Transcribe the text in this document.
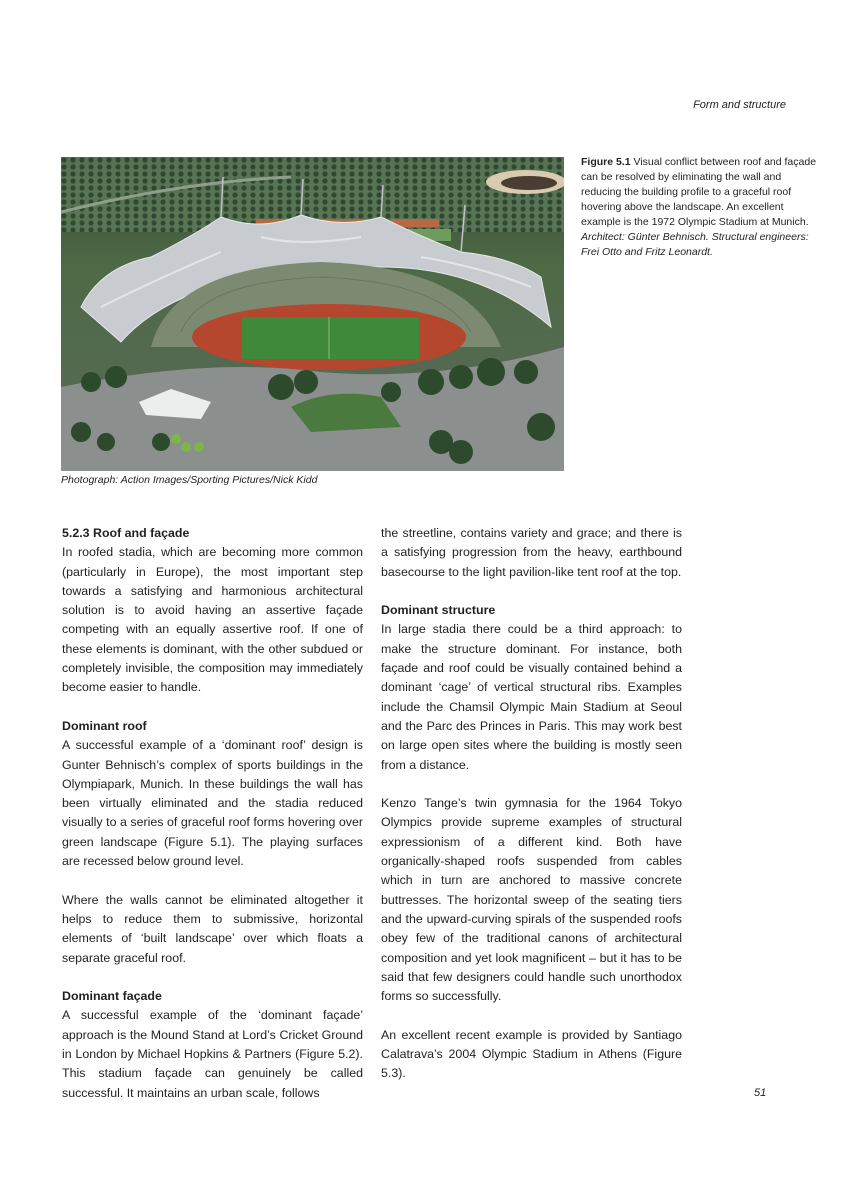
Form and structure
Photograph: Action Images/Sporting Pictures/Nick Kidd
Figure 5.1 Visual conflict between roof and façade can be resolved by eliminating the wall and reducing the building profile to a graceful roof hovering above the landscape. An excellent example is the 1972 Olympic Stadium at Munich. Architect: Günter Behnisch. Structural engineers: Frei Otto and Fritz Leonardt.
5.2.3 Roof and façade

In roofed stadia, which are becoming more common (particularly in Europe), the most important step towards a satisfying and harmonious architectural solution is to avoid having an assertive façade competing with an equally assertive roof. If one of these elements is dominant, with the other subdued or completely invisible, the composition may immediately become easier to handle.

Dominant roof

A successful example of a ‘dominant roof’ design is Gunter Behnisch’s complex of sports buildings in the Olympiapark, Munich. In these buildings the wall has been virtually eliminated and the stadia reduced visually to a series of graceful roof forms hovering over green landscape (Figure 5.1). The playing surfaces are recessed below ground level.

Where the walls cannot be eliminated altogether it helps to reduce them to submissive, horizontal elements of ‘built landscape’ over which floats a separate graceful roof.

Dominant façade

A successful example of the ‘dominant façade’ approach is the Mound Stand at Lord’s Cricket Ground in London by Michael Hopkins & Partners (Figure 5.2). This stadium façade can genuinely be called successful. It maintains an urban scale, follows

the streetline, contains variety and grace; and there is a satisfying progression from the heavy, earthbound basecourse to the light pavilion-like tent roof at the top.

Dominant structure

In large stadia there could be a third approach: to make the structure dominant. For instance, both façade and roof could be visually contained behind a dominant ‘cage’ of vertical structural ribs. Examples include the Chamsil Olympic Main Stadium at Seoul and the Parc des Princes in Paris. This may work best on large open sites where the building is mostly seen from a distance.

Kenzo Tange’s twin gymnasia for the 1964 Tokyo Olympics provide supreme examples of structural expressionism of a different kind. Both have organically-shaped roofs suspended from cables which in turn are anchored to massive concrete buttresses. The horizontal sweep of the seating tiers and the upward-curving spirals of the suspended roofs obey few of the traditional canons of architectural composition and yet look magnificent – but it has to be said that few designers could handle such unorthodox forms so successfully.

An excellent recent example is provided by Santiago Calatrava’s 2004 Olympic Stadium in Athens (Figure 5.3).

51
